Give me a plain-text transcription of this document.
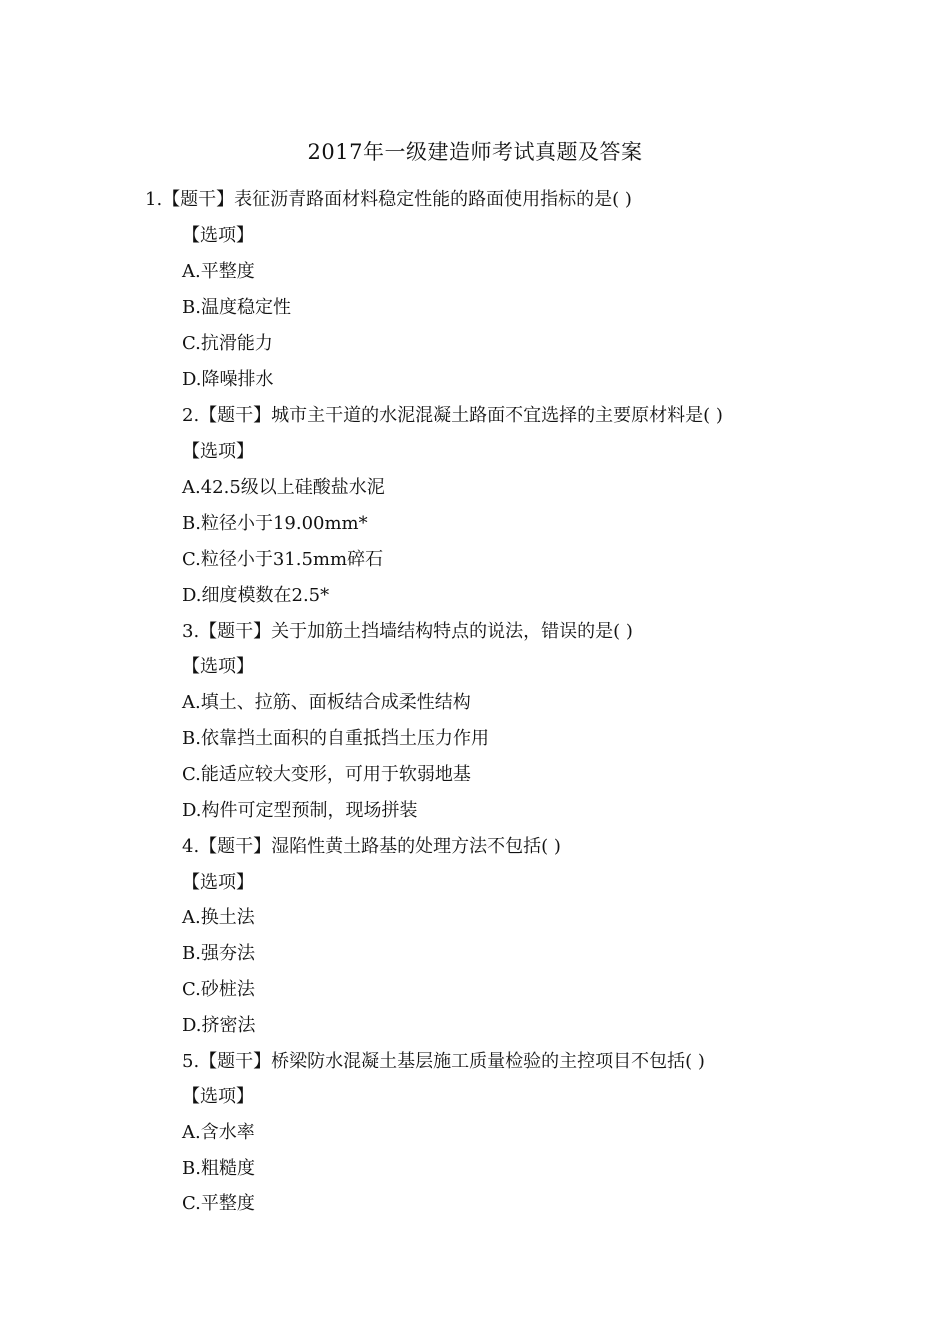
2017年一级建造师考试真题及答案
1.【题干】表征沥青路面材料稳定性能的路面使用指标的是( )
【选项】
A.平整度
B.温度稳定性
C.抗滑能力
D.降噪排水
2.【题干】城市主干道的水泥混凝土路面不宜选择的主要原材料是( )
【选项】
A.42.5级以上硅酸盐水泥
B.粒径小于19.00mm*
C.粒径小于31.5mm碎石
D.细度模数在2.5*
3.【题干】关于加筋土挡墙结构特点的说法，错误的是( )
【选项】
A.填土、拉筋、面板结合成柔性结构
B.依靠挡土面积的自重抵挡土压力作用
C.能适应较大变形，可用于软弱地基
D.构件可定型预制，现场拼装
4.【题干】湿陷性黄土路基的处理方法不包括( )
【选项】
A.换土法
B.强夯法
C.砂桩法
D.挤密法
5.【题干】桥梁防水混凝土基层施工质量检验的主控项目不包括( )
【选项】
A.含水率
B.粗糙度
C.平整度
